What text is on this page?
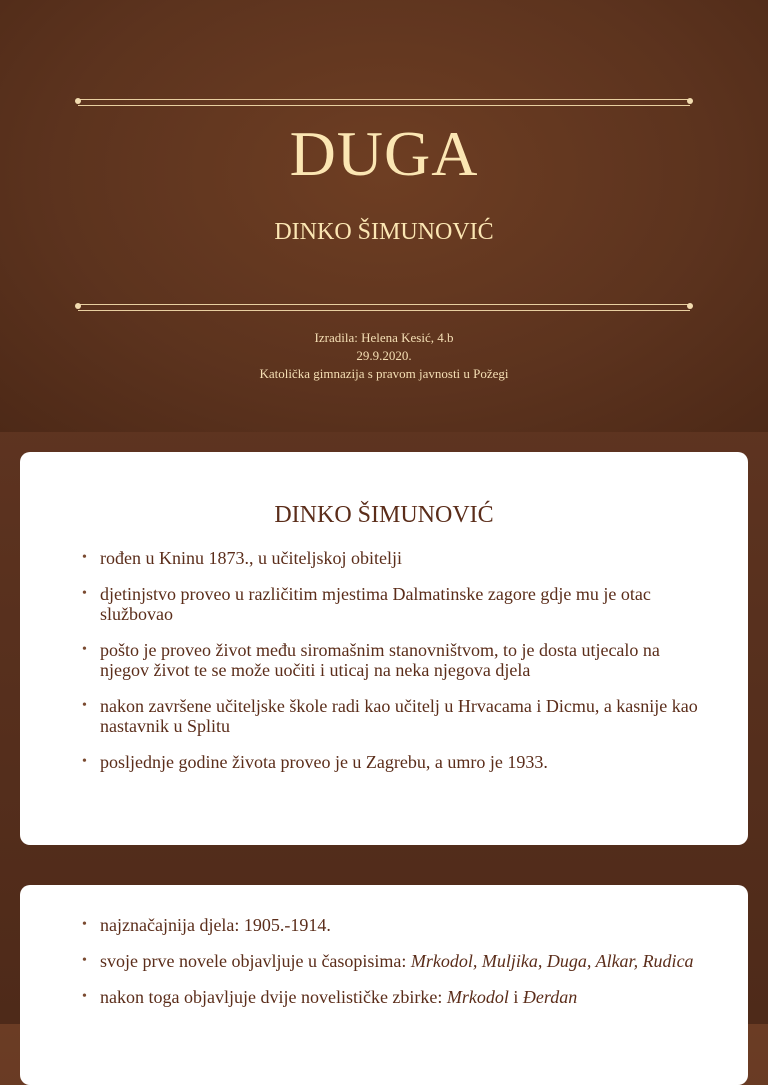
DUGA
DINKO ŠIMUNOVIĆ
Izradila: Helena Kesić, 4.b
29.9.2020.
Katolička gimnazija s pravom javnosti u Požegi
DINKO ŠIMUNOVIĆ
• rođen u Kninu 1873., u učiteljskoj obitelji
• djetinjstvo proveo u različitim mjestima Dalmatinske zagore gdje mu je otac službovao
• pošto je proveo život među siromašnim stanovništvom, to je dosta utjecalo na njegov život te se može uočiti i uticaj na neka njegova djela
• nakon završene učiteljske škole radi kao učitelj u Hrvacama i Dicmu, a kasnije kao nastavnik u Splitu
• posljednje godine života proveo je u Zagrebu, a umro je 1933.
• najznačajnija djela: 1905.-1914.
• svoje prve novele objavljuje u časopisima: Mrkodol, Muljika, Duga, Alkar, Rudica
• nakon toga objavljuje dvije novelističke zbirke: Mrkodol i Đerdan
